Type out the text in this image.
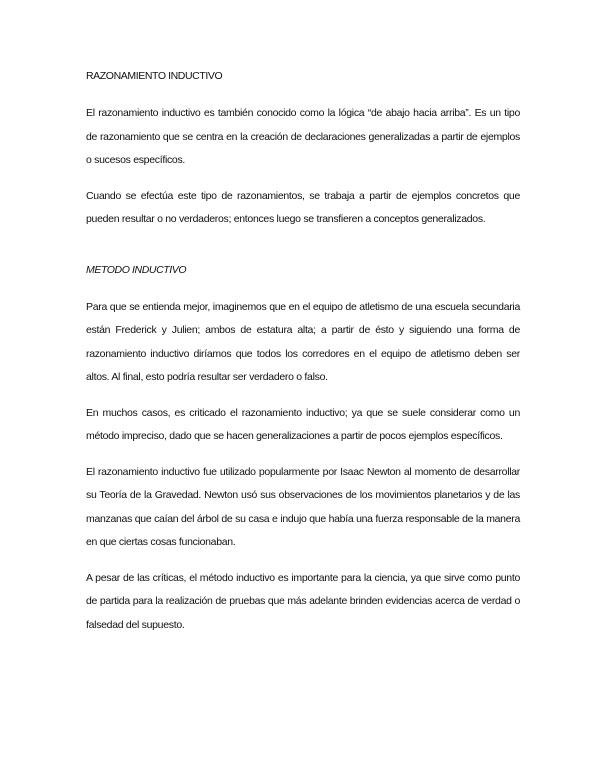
RAZONAMIENTO INDUCTIVO

El razonamiento inductivo es también conocido como la lógica “de abajo hacia arriba”. Es un tipo de razonamiento que se centra en la creación de declaraciones generalizadas a partir de ejemplos o sucesos específicos.

Cuando se efectúa este tipo de razonamientos, se trabaja a partir de ejemplos concretos que pueden resultar o no verdaderos; entonces luego se transfieren a conceptos generalizados.

METODO INDUCTIVO

Para que se entienda mejor, imaginemos que en el equipo de atletismo de una escuela secundaria están Frederick y Julien; ambos de estatura alta; a partir de ésto y siguiendo una forma de razonamiento inductivo diríamos que todos los corredores en el equipo de atletismo deben ser altos. Al final, esto podría resultar ser verdadero o falso.

En muchos casos, es criticado el razonamiento inductivo; ya que se suele considerar como un método impreciso, dado que se hacen generalizaciones a partir de pocos ejemplos específicos.

El razonamiento inductivo fue utilizado popularmente por Isaac Newton al momento de desarrollar su Teoría de la Gravedad. Newton usó sus observaciones de los movimientos planetarios y de las manzanas que caían del árbol de su casa e indujo que había una fuerza responsable de la manera en que ciertas cosas funcionaban.

A pesar de las críticas, el método inductivo es importante para la ciencia, ya que sirve como punto de partida para la realización de pruebas que más adelante brinden evidencias acerca de verdad o falsedad del supuesto.
